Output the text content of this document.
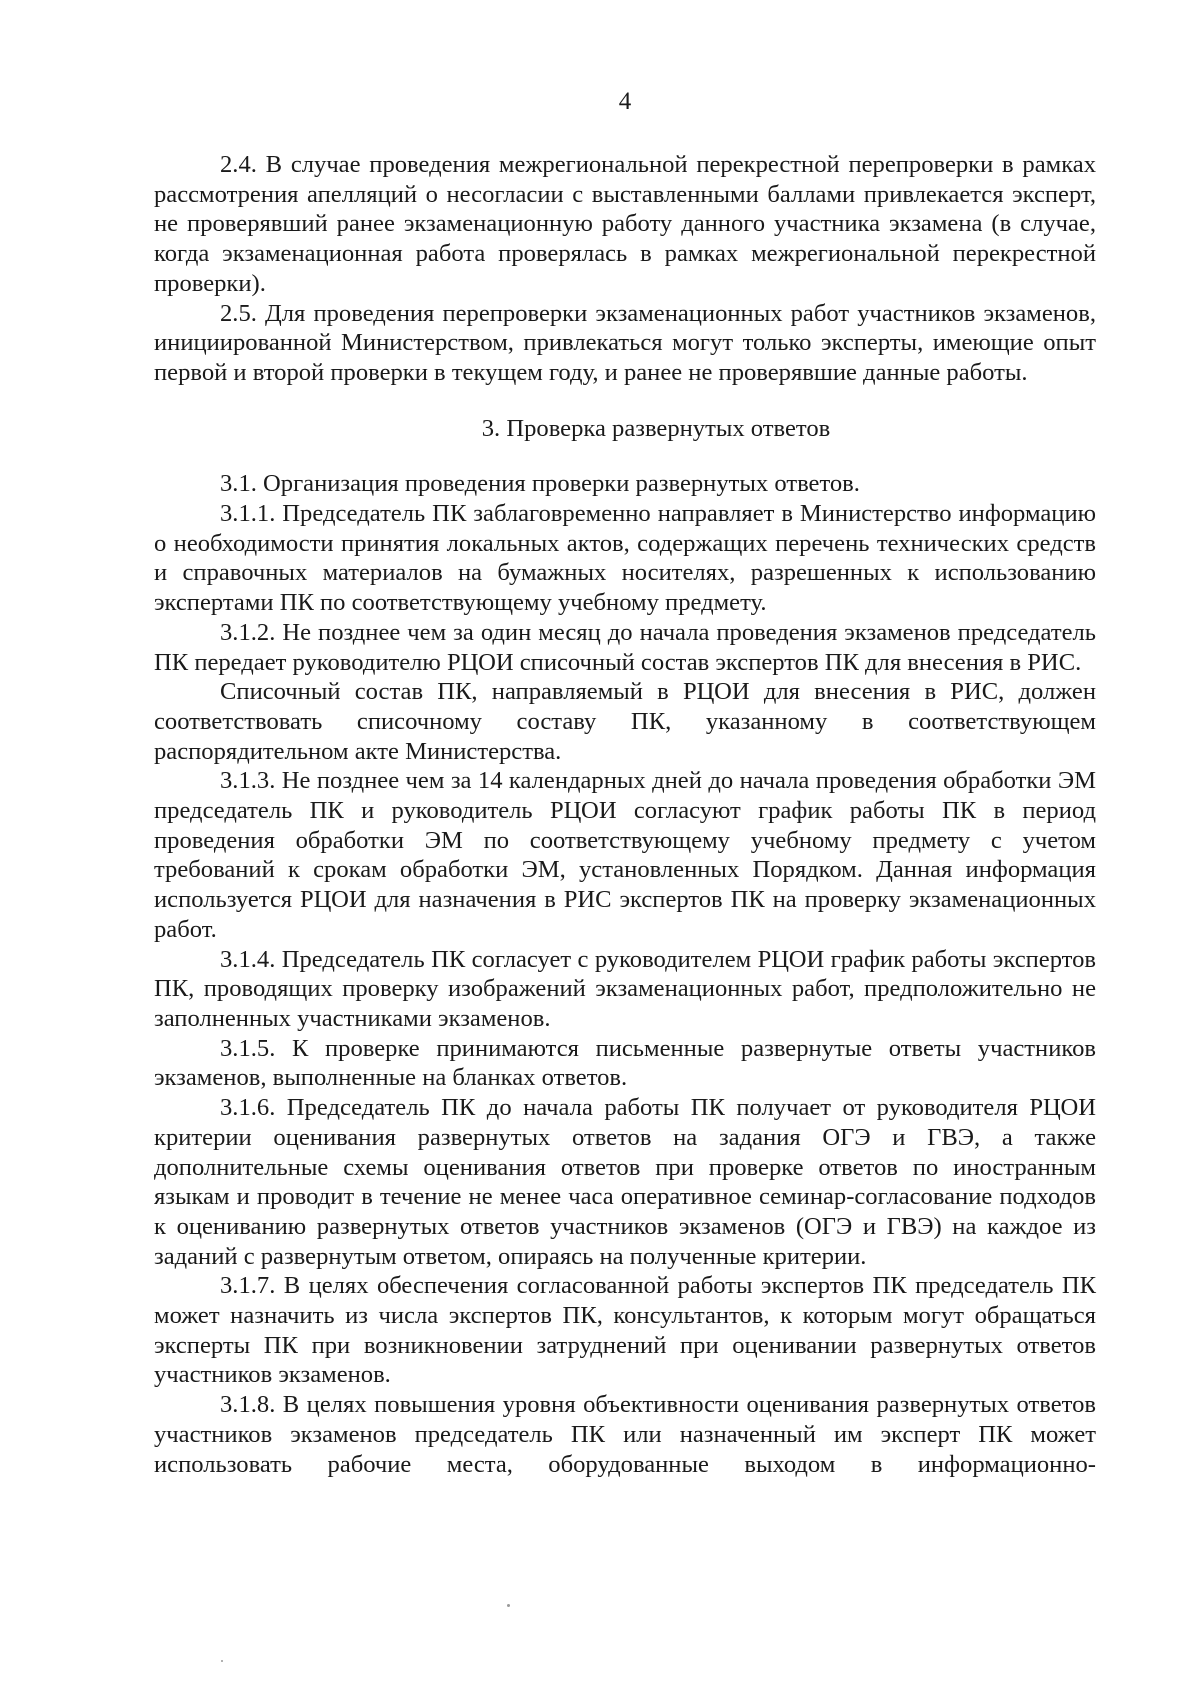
4

2.4. В случае проведения межрегиональной перекрестной перепроверки в рамках рассмотрения апелляций о несогласии с выставленными баллами привлекается эксперт, не проверявший ранее экзаменационную работу данного участника экзамена (в случае, когда экзаменационная работа проверялась в рамках межрегиональной перекрестной проверки).

2.5. Для проведения перепроверки экзаменационных работ участников экзаменов, инициированной Министерством, привлекаться могут только эксперты, имеющие опыт первой и второй проверки в текущем году, и ранее не проверявшие данные работы.

3. Проверка развернутых ответов

3.1. Организация проведения проверки развернутых ответов.

3.1.1. Председатель ПК заблаговременно направляет в Министерство информацию о необходимости принятия локальных актов, содержащих перечень технических средств и справочных материалов на бумажных носителях, разрешенных к использованию экспертами ПК по соответствующему учебному предмету.

3.1.2. Не позднее чем за один месяц до начала проведения экзаменов председатель ПК передает руководителю РЦОИ списочный состав экспертов ПК для внесения в РИС.

Списочный состав ПК, направляемый в РЦОИ для внесения в РИС, должен соответствовать списочному составу ПК, указанному в соответствующем распорядительном акте Министерства.

3.1.3. Не позднее чем за 14 календарных дней до начала проведения обработки ЭМ председатель ПК и руководитель РЦОИ согласуют график работы ПК в период проведения обработки ЭМ по соответствующему учебному предмету с учетом требований к срокам обработки ЭМ, установленных Порядком. Данная информация используется РЦОИ для назначения в РИС экспертов ПК на проверку экзаменационных работ.

3.1.4. Председатель ПК согласует с руководителем РЦОИ график работы экспертов ПК, проводящих проверку изображений экзаменационных работ, предположительно не заполненных участниками экзаменов.

3.1.5. К проверке принимаются письменные развернутые ответы участников экзаменов, выполненные на бланках ответов.

3.1.6. Председатель ПК до начала работы ПК получает от руководителя РЦОИ критерии оценивания развернутых ответов на задания ОГЭ и ГВЭ, а также дополнительные схемы оценивания ответов при проверке ответов по иностранным языкам и проводит в течение не менее часа оперативное семинар-согласование подходов к оцениванию развернутых ответов участников экзаменов (ОГЭ и ГВЭ) на каждое из заданий с развернутым ответом, опираясь на полученные критерии.

3.1.7. В целях обеспечения согласованной работы экспертов ПК председатель ПК может назначить из числа экспертов ПК, консультантов, к которым могут обращаться эксперты ПК при возникновении затруднений при оценивании развернутых ответов участников экзаменов.

3.1.8. В целях повышения уровня объективности оценивания развернутых ответов участников экзаменов председатель ПК или назначенный им эксперт ПК может использовать рабочие места, оборудованные выходом в информационно-
